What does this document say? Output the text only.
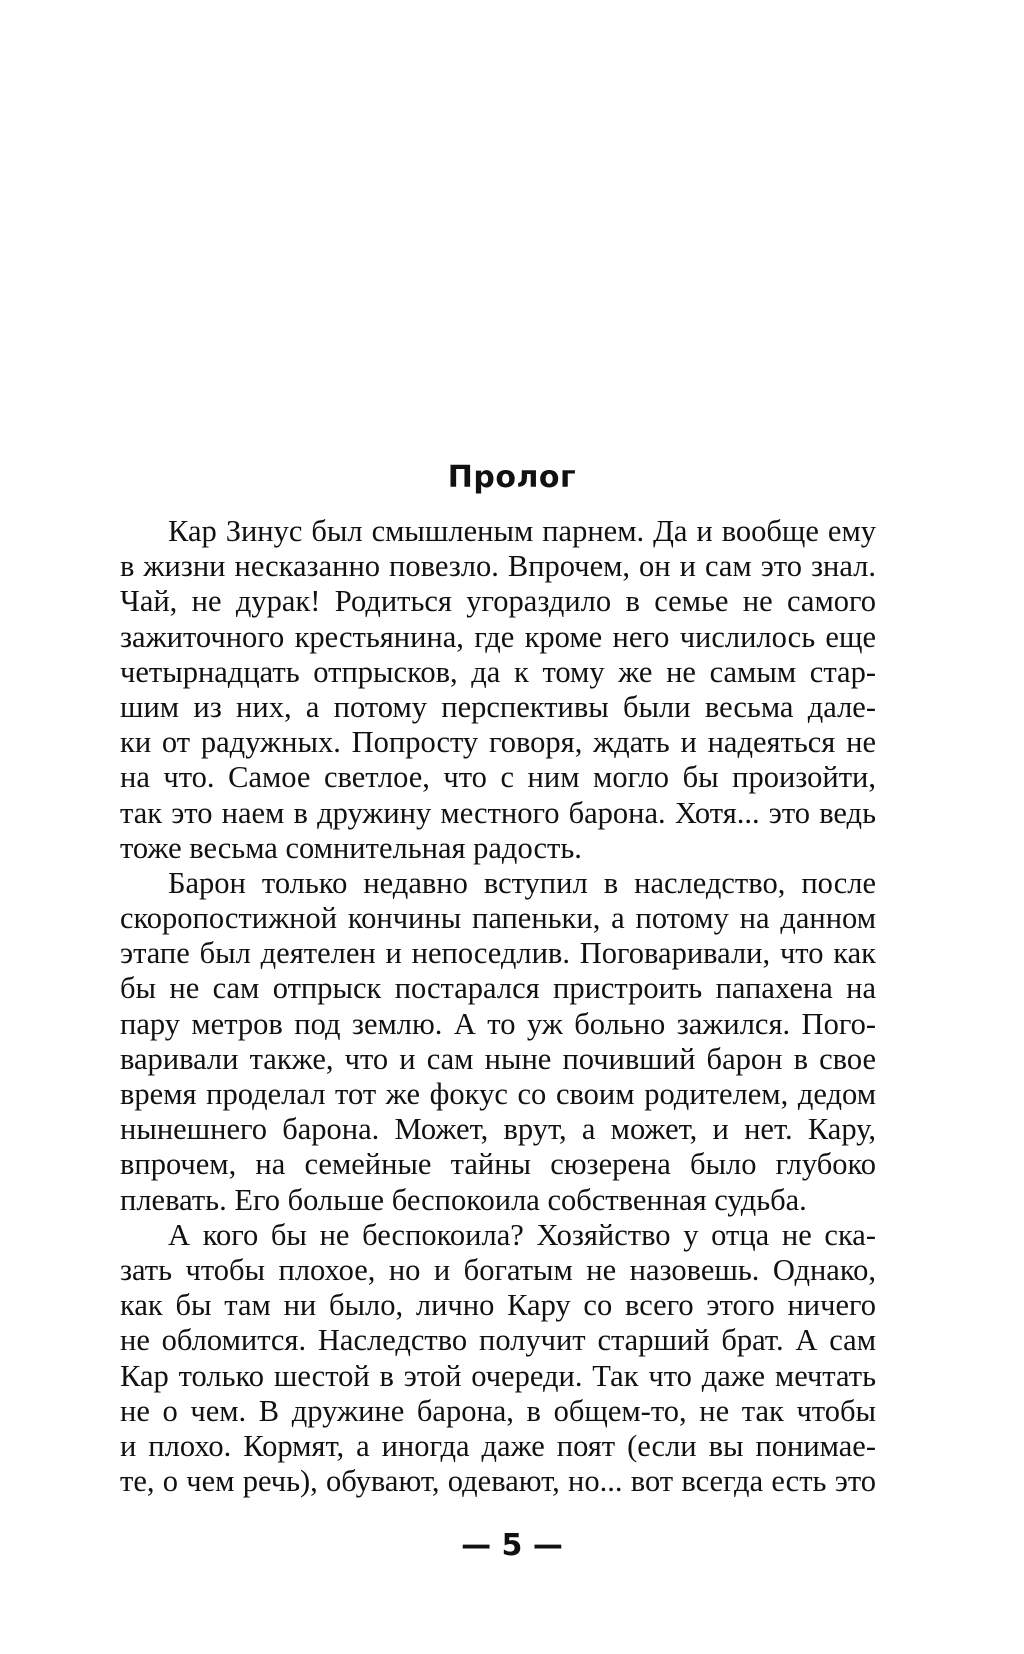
Пролог
Кар Зинус был смышленым парнем. Да и вообще ему
в жизни несказанно повезло. Впрочем, он и сам это знал.
Чай, не дурак! Родиться угораздило в семье не самого
зажиточного крестьянина, где кроме него числилось еще
четырнадцать отпрысков, да к тому же не самым стар-
шим из них, а потому перспективы были весьма дале-
ки от радужных. Попросту говоря, ждать и надеяться не
на что. Самое светлое, что с ним могло бы произойти,
так это наем в дружину местного барона. Хотя... это ведь
тоже весьма сомнительная радость.
Барон только недавно вступил в наследство, после
скоропостижной кончины папеньки, а потому на данном
этапе был деятелен и непоседлив. Поговаривали, что как
бы не сам отпрыск постарался пристроить папахена на
пару метров под землю. А то уж больно зажился. Пого-
варивали также, что и сам ныне почивший барон в свое
время проделал тот же фокус со своим родителем, дедом
нынешнего барона. Может, врут, а может, и нет. Кару,
впрочем, на семейные тайны сюзерена было глубоко
плевать. Его больше беспокоила собственная судьба.
А кого бы не беспокоила? Хозяйство у отца не ска-
зать чтобы плохое, но и богатым не назовешь. Однако,
как бы там ни было, лично Кару со всего этого ничего
не обломится. Наследство получит старший брат. А сам
Кар только шестой в этой очереди. Так что даже мечтать
не о чем. В дружине барона, в общем-то, не так чтобы
и плохо. Кормят, а иногда даже поят (если вы понимае-
те, о чем речь), обувают, одевают, но... вот всегда есть это
— 5 —
